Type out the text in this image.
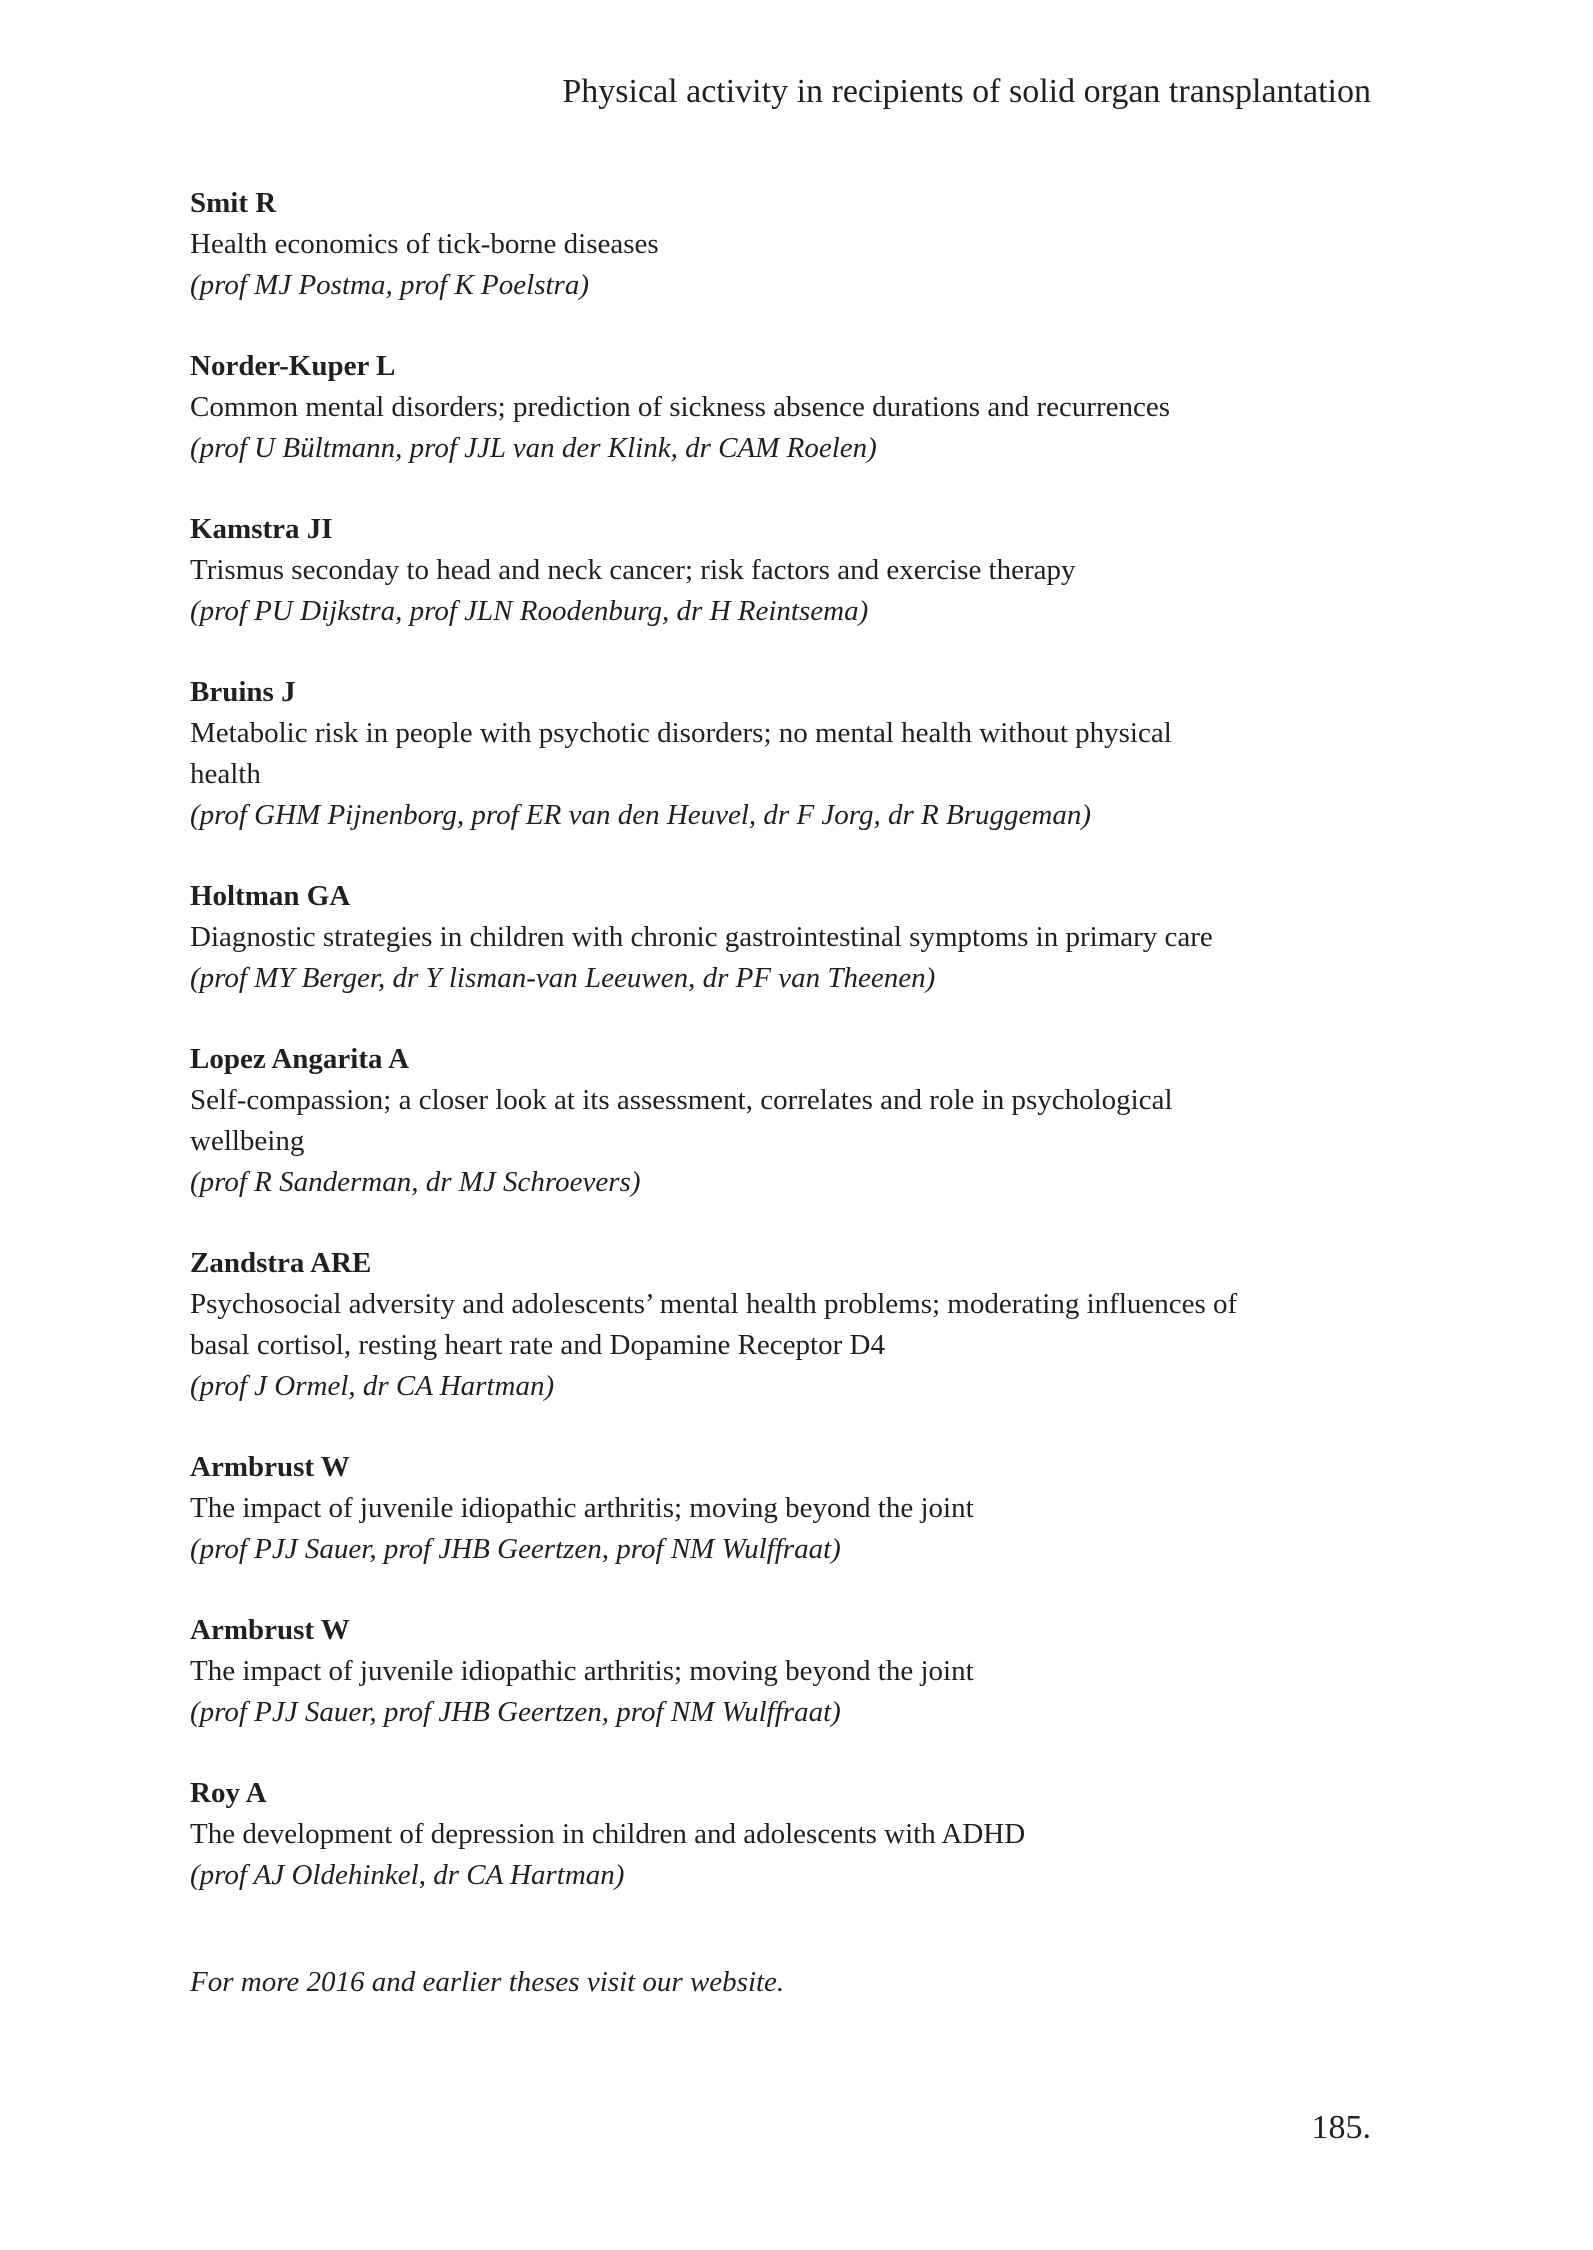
Physical activity in recipients of solid organ transplantation
Smit R
Health economics of tick-borne diseases
(prof MJ Postma, prof K Poelstra)
Norder-Kuper L
Common mental disorders; prediction of sickness absence durations and recurrences
(prof U Bültmann, prof JJL van der Klink, dr CAM Roelen)
Kamstra JI
Trismus seconday to head and neck cancer; risk factors and exercise therapy
(prof PU Dijkstra, prof JLN Roodenburg, dr H Reintsema)
Bruins J
Metabolic risk in people with psychotic disorders; no mental health without physical health
(prof GHM Pijnenborg, prof ER van den Heuvel, dr F Jorg, dr R Bruggeman)
Holtman GA
Diagnostic strategies in children with chronic gastrointestinal symptoms in primary care
(prof MY Berger, dr Y lisman-van Leeuwen, dr PF van Theenen)
Lopez Angarita A
Self-compassion; a closer look at its assessment, correlates and role in psychological wellbeing
(prof R Sanderman, dr MJ Schroevers)
Zandstra ARE
Psychosocial adversity and adolescents’ mental health problems; moderating influences of basal cortisol, resting heart rate and Dopamine Receptor D4
(prof J Ormel, dr CA Hartman)
Armbrust W
The impact of juvenile idiopathic arthritis; moving beyond the joint
(prof PJJ Sauer, prof JHB Geertzen, prof NM Wulffraat)
Armbrust W
The impact of juvenile idiopathic arthritis; moving beyond the joint
(prof PJJ Sauer, prof JHB Geertzen, prof NM Wulffraat)
Roy A
The development of depression in children and adolescents with ADHD
(prof AJ Oldehinkel, dr CA Hartman)
For more 2016 and earlier theses visit our website.
185.
